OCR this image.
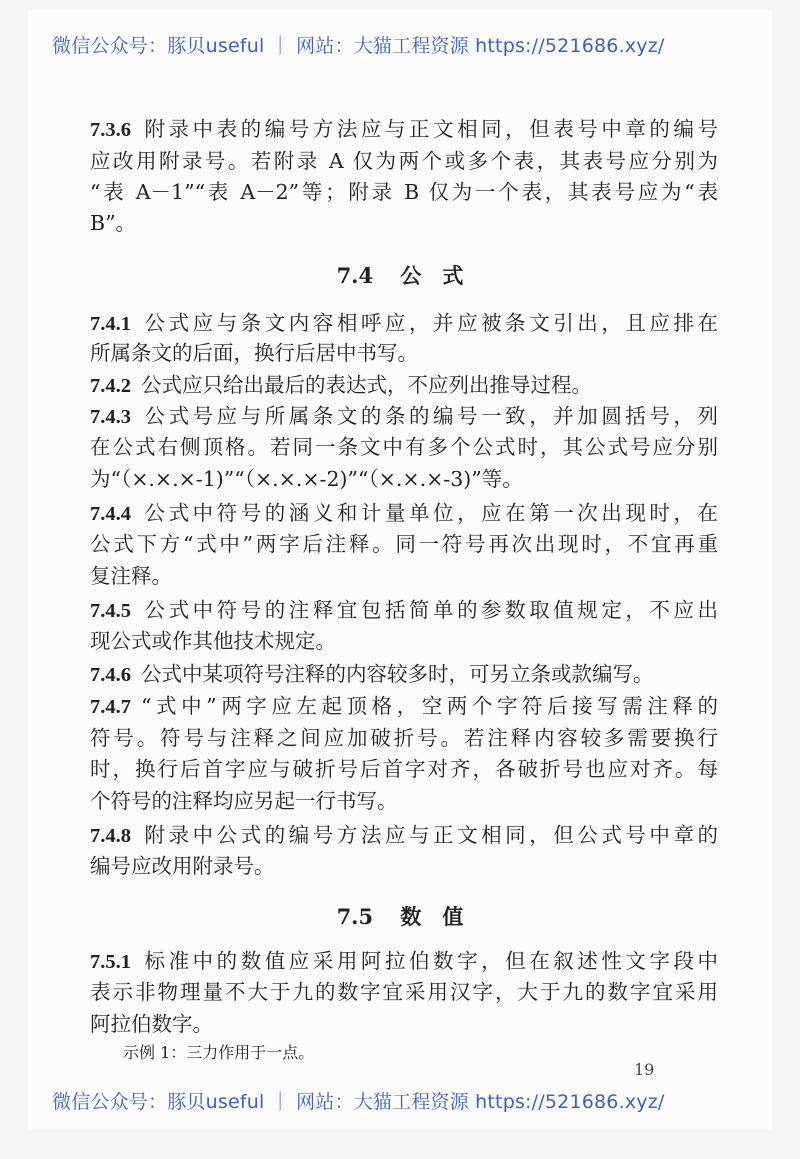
微信公众号：豚贝useful ｜ 网站：大猫工程资源 https://521686.xyz/
7.3.6 附录中表的编号方法应与正文相同，但表号中章的编号
应改用附录号。若附录 A 仅为两个或多个表，其表号应分别为
“表 A－1”“表 A－2”等；附录 B 仅为一个表，其表号应为“表
B”。
7.4 公　式
7.4.1 公式应与条文内容相呼应，并应被条文引出，且应排在
所属条文的后面，换行后居中书写。
7.4.2 公式应只给出最后的表达式，不应列出推导过程。
7.4.3 公式号应与所属条文的条的编号一致，并加圆括号，列
在公式右侧顶格。若同一条文中有多个公式时，其公式号应分别
为“（×.×.×-1)”“（×.×.×-2)”“（×.×.×-3)”等。
7.4.4 公式中符号的涵义和计量单位，应在第一次出现时，在
公式下方“式中”两字后注释。同一符号再次出现时，不宜再重
复注释。
7.4.5 公式中符号的注释宜包括简单的参数取值规定，不应出
现公式或作其他技术规定。
7.4.6 公式中某项符号注释的内容较多时，可另立条或款编写。
7.4.7 “式中”两字应左起顶格，空两个字符后接写需注释的
符号。符号与注释之间应加破折号。若注释内容较多需要换行
时，换行后首字应与破折号后首字对齐，各破折号也应对齐。每
个符号的注释均应另起一行书写。
7.4.8 附录中公式的编号方法应与正文相同，但公式号中章的
编号应改用附录号。
7.5 数　值
7.5.1 标准中的数值应采用阿拉伯数字，但在叙述性文字段中
表示非物理量不大于九的数字宜采用汉字，大于九的数字宜采用
阿拉伯数字。
示例 1：三力作用于一点。
19
微信公众号：豚贝useful ｜ 网站：大猫工程资源 https://521686.xyz/
